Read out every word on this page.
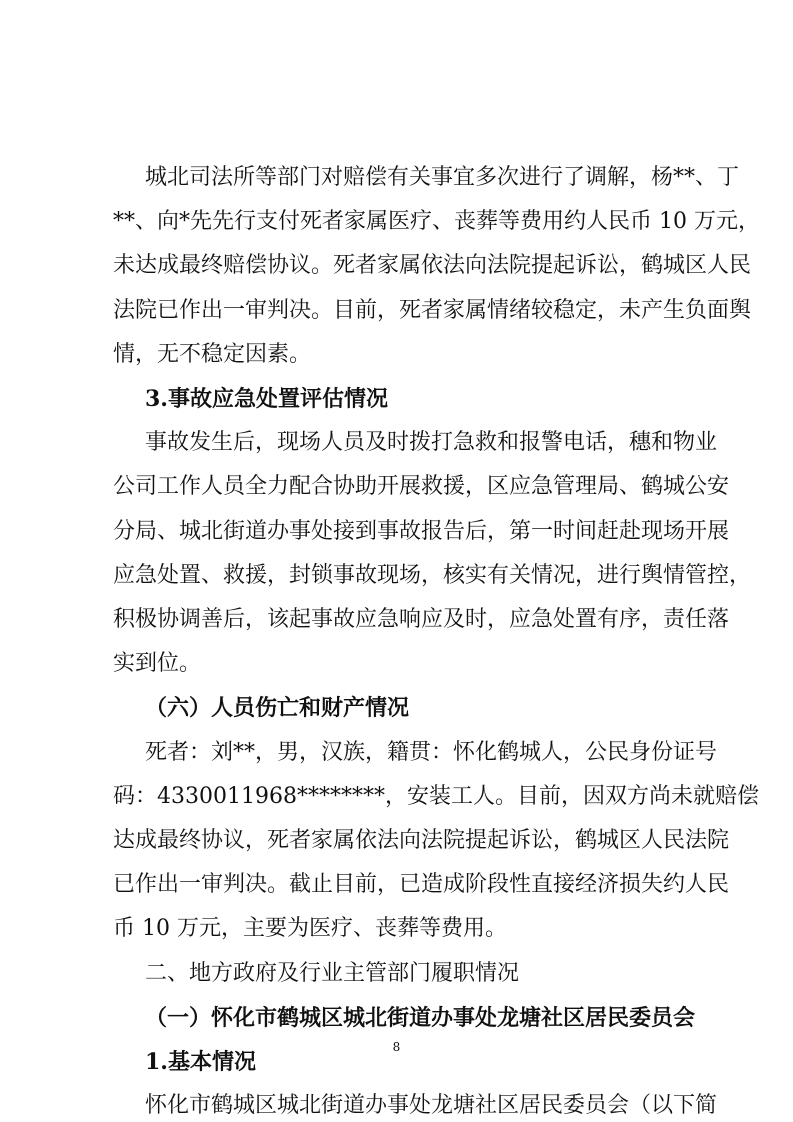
城北司法所等部门对赔偿有关事宜多次进行了调解，杨**、丁
**、向*先先行支付死者家属医疗、丧葬等费用约人民币 10 万元，
未达成最终赔偿协议。死者家属依法向法院提起诉讼，鹤城区人民
法院已作出一审判决。目前，死者家属情绪较稳定，未产生负面舆
情，无不稳定因素。
3.事故应急处置评估情况
事故发生后，现场人员及时拨打急救和报警电话，穗和物业
公司工作人员全力配合协助开展救援，区应急管理局、鹤城公安
分局、城北街道办事处接到事故报告后，第一时间赶赴现场开展
应急处置、救援，封锁事故现场，核实有关情况，进行舆情管控，
积极协调善后，该起事故应急响应及时，应急处置有序，责任落
实到位。
（六）人员伤亡和财产情况
死者：刘**，男，汉族，籍贯：怀化鹤城人，公民身份证号
码：4330011968********，安装工人。目前，因双方尚未就赔偿
达成最终协议，死者家属依法向法院提起诉讼，鹤城区人民法院
已作出一审判决。截止目前，已造成阶段性直接经济损失约人民
币 10 万元，主要为医疗、丧葬等费用。
二、地方政府及行业主管部门履职情况
（一）怀化市鹤城区城北街道办事处龙塘社区居民委员会
1.基本情况
怀化市鹤城区城北街道办事处龙塘社区居民委员会（以下简
8
